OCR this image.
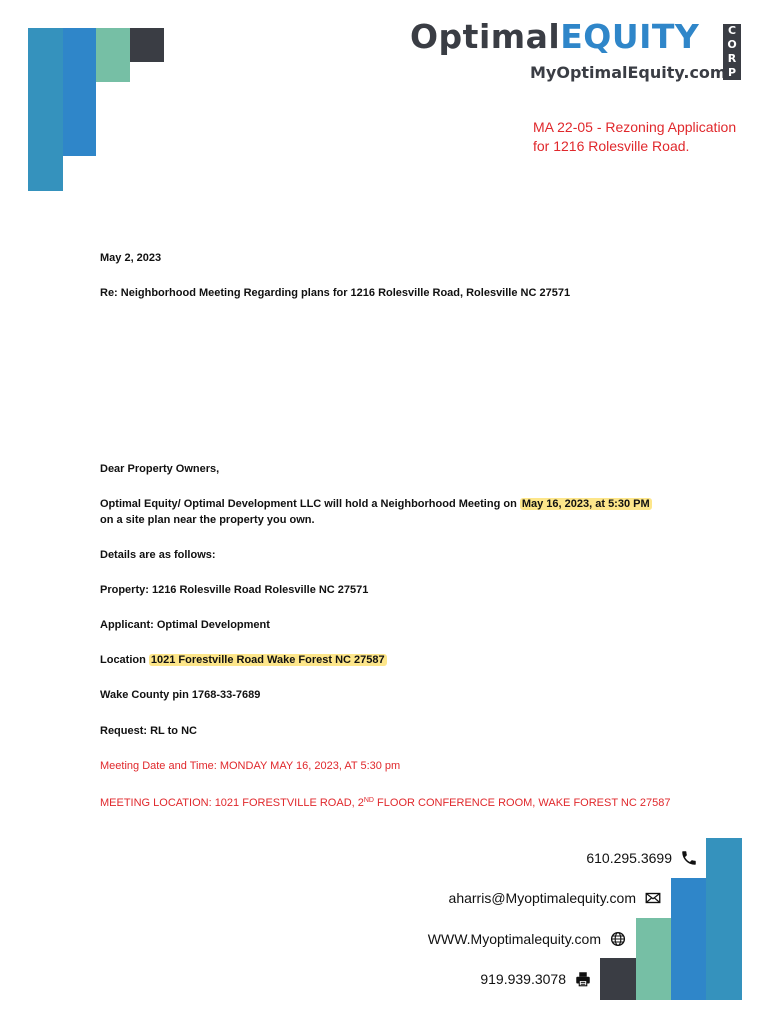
OptimalEQUITY	C
O
R
P
MyOptimalEquity.com
MA 22-05 - Rezoning Application
for 1216 Rolesville Road.
May 2, 2023
Re: Neighborhood Meeting Regarding plans for 1216 Rolesville Road, Rolesville NC 27571
Dear Property Owners,
Optimal Equity/ Optimal Development LLC will hold a Neighborhood Meeting on May 16, 2023, at 5:30 PM
on a site plan near the property you own.
Details are as follows:
Property: 1216 Rolesville Road Rolesville NC 27571
Applicant: Optimal Development
Location 1021 Forestville Road Wake Forest NC 27587
Wake County pin 1768-33-7689
Request: RL to NC
Meeting Date and Time: MONDAY MAY 16, 2023, AT 5:30 pm
MEETING LOCATION: 1021 FORESTVILLE ROAD, 2ND FLOOR CONFERENCE ROOM, WAKE FOREST NC 27587
610.295.3699
aharris@Myoptimalequity.com
WWW.Myoptimalequity.com
919.939.3078
